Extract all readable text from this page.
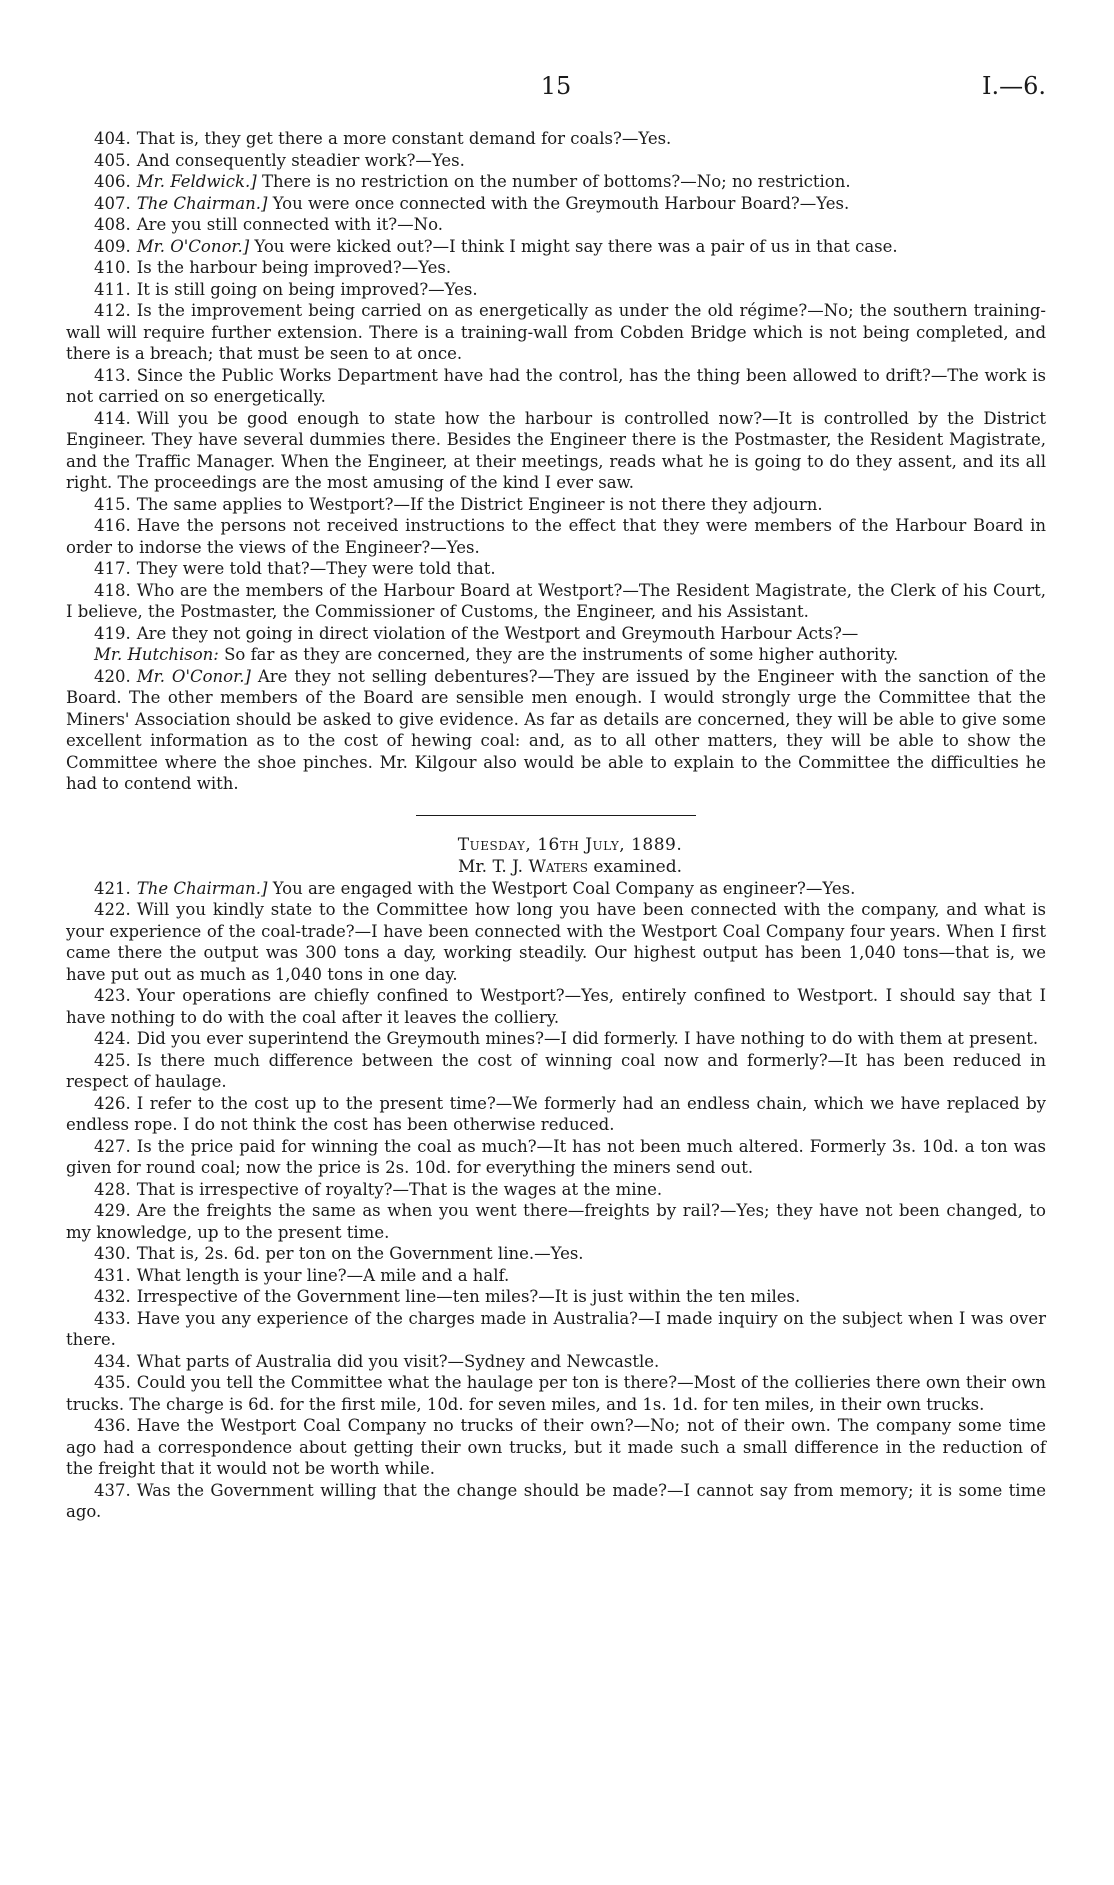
15	I.—6.

404. That is, they get there a more constant demand for coals?—Yes.

405. And consequently steadier work?—Yes.

406. Mr. Feldwick.] There is no restriction on the number of bottoms?—No; no restriction.

407. The Chairman.] You were once connected with the Greymouth Harbour Board?—Yes.

408. Are you still connected with it?—No.

409. Mr. O'Conor.] You were kicked out?—I think I might say there was a pair of us in that case.

410. Is the harbour being improved?—Yes.

411. It is still going on being improved?—Yes.

412. Is the improvement being carried on as energetically as under the old régime?—No; the southern training-wall will require further extension. There is a training-wall from Cobden Bridge which is not being completed, and there is a breach; that must be seen to at once.

413. Since the Public Works Department have had the control, has the thing been allowed to drift?—The work is not carried on so energetically.

414. Will you be good enough to state how the harbour is controlled now?—It is controlled by the District Engineer. They have several dummies there. Besides the Engineer there is the Postmaster, the Resident Magistrate, and the Traffic Manager. When the Engineer, at their meetings, reads what he is going to do they assent, and its all right. The proceedings are the most amusing of the kind I ever saw.

415. The same applies to Westport?—If the District Engineer is not there they adjourn.

416. Have the persons not received instructions to the effect that they were members of the Harbour Board in order to indorse the views of the Engineer?—Yes.

417. They were told that?—They were told that.

418. Who are the members of the Harbour Board at Westport?—The Resident Magistrate, the Clerk of his Court, I believe, the Postmaster, the Commissioner of Customs, the Engineer, and his Assistant.

419. Are they not going in direct violation of the Westport and Greymouth Harbour Acts?—

Mr. Hutchison: So far as they are concerned, they are the instruments of some higher authority.

420. Mr. O'Conor.] Are they not selling debentures?—They are issued by the Engineer with the sanction of the Board. The other members of the Board are sensible men enough. I would strongly urge the Committee that the Miners' Association should be asked to give evidence. As far as details are concerned, they will be able to give some excellent information as to the cost of hewing coal: and, as to all other matters, they will be able to show the Committee where the shoe pinches. Mr. Kilgour also would be able to explain to the Committee the difficulties he had to contend with.

Tuesday, 16th July, 1889.

Mr. T. J. Waters examined.

421. The Chairman.] You are engaged with the Westport Coal Company as engineer?—Yes.

422. Will you kindly state to the Committee how long you have been connected with the company, and what is your experience of the coal-trade?—I have been connected with the Westport Coal Company four years. When I first came there the output was 300 tons a day, working steadily. Our highest output has been 1,040 tons—that is, we have put out as much as 1,040 tons in one day.

423. Your operations are chiefly confined to Westport?—Yes, entirely confined to Westport. I should say that I have nothing to do with the coal after it leaves the colliery.

424. Did you ever superintend the Greymouth mines?—I did formerly. I have nothing to do with them at present.

425. Is there much difference between the cost of winning coal now and formerly?—It has been reduced in respect of haulage.

426. I refer to the cost up to the present time?—We formerly had an endless chain, which we have replaced by endless rope. I do not think the cost has been otherwise reduced.

427. Is the price paid for winning the coal as much?—It has not been much altered. Formerly 3s. 10d. a ton was given for round coal; now the price is 2s. 10d. for everything the miners send out.

428. That is irrespective of royalty?—That is the wages at the mine.

429. Are the freights the same as when you went there—freights by rail?—Yes; they have not been changed, to my knowledge, up to the present time.

430. That is, 2s. 6d. per ton on the Government line.—Yes.

431. What length is your line?—A mile and a half.

432. Irrespective of the Government line—ten miles?—It is just within the ten miles.

433. Have you any experience of the charges made in Australia?—I made inquiry on the subject when I was over there.

434. What parts of Australia did you visit?—Sydney and Newcastle.

435. Could you tell the Committee what the haulage per ton is there?—Most of the collieries there own their own trucks. The charge is 6d. for the first mile, 10d. for seven miles, and 1s. 1d. for ten miles, in their own trucks.

436. Have the Westport Coal Company no trucks of their own?—No; not of their own. The company some time ago had a correspondence about getting their own trucks, but it made such a small difference in the reduction of the freight that it would not be worth while.

437. Was the Government willing that the change should be made?—I cannot say from memory; it is some time ago.
